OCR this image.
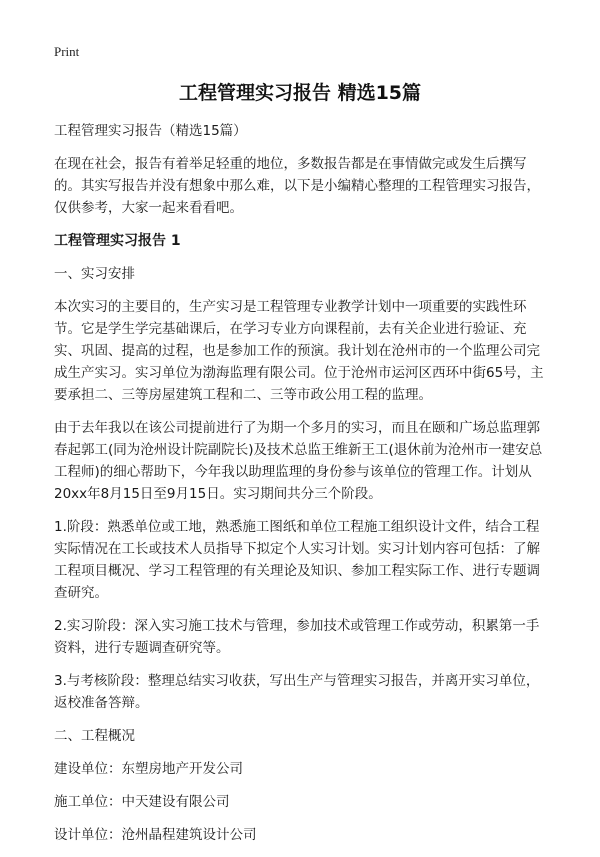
Print
工程管理实习报告 精选15篇

工程管理实习报告（精选15篇）

在现在社会，报告有着举足轻重的地位，多数报告都是在事情做完或发生后撰写的。其实写报告并没有想象中那么难，以下是小编精心整理的工程管理实习报告，仅供参考，大家一起来看看吧。

工程管理实习报告 1

一、实习安排

本次实习的主要目的，生产实习是工程管理专业教学计划中一项重要的实践性环节。它是学生学完基础课后，在学习专业方向课程前，去有关企业进行验证、充实、巩固、提高的过程，也是参加工作的预演。我计划在沧州市的一个监理公司完成生产实习。实习单位为渤海监理有限公司。位于沧州市运河区西环中街65号，主要承担二、三等房屋建筑工程和二、三等市政公用工程的监理。

由于去年我以在该公司提前进行了为期一个多月的实习，而且在颐和广场总监理郭春起郭工(同为沧州设计院副院长)及技术总监王维新王工(退休前为沧州市一建安总工程师)的细心帮助下，今年我以助理监理的身份参与该单位的管理工作。计划从20xx年8月15日至9月15日。实习期间共分三个阶段。

1.阶段：熟悉单位或工地，熟悉施工图纸和单位工程施工组织设计文件，结合工程实际情况在工长或技术人员指导下拟定个人实习计划。实习计划内容可包括：了解工程项目概况、学习工程管理的有关理论及知识、参加工程实际工作、进行专题调查研究。

2.实习阶段：深入实习施工技术与管理，参加技术或管理工作或劳动，积累第一手资料，进行专题调查研究等。

3.与考核阶段：整理总结实习收获，写出生产与管理实习报告，并离开实习单位，返校准备答辩。

二、工程概况

建设单位：东塑房地产开发公司

施工单位：中天建设有限公司

设计单位：沧州晶程建筑设计公司
